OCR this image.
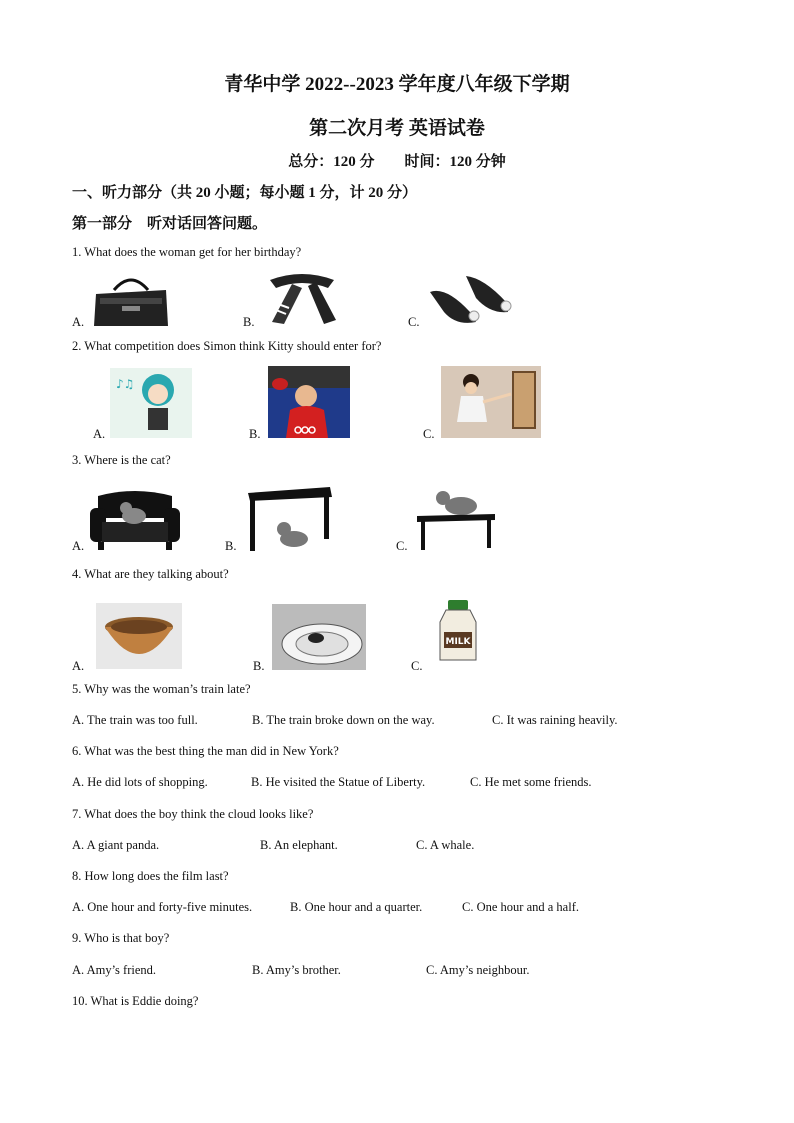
青华中学 2022--2023 学年度八年级下学期
第二次月考 英语试卷
总分：120 分　　时间：120 分钟
一、听力部分（共 20 小题；每小题 1 分，计 20 分）
第一部分　听对话回答问题。
1. What does the woman get for her birthday?
A.	B.	C.
2. What competition does Simon think Kitty should enter for?
A.
♪♫
B.	C.
3. Where is the cat?
A.	B.	C.
4. What are they talking about?
A.	B.	C.
MILK
5. Why was the woman’s train late?
A. The train was too full.	B. The train broke down on the way.	C. It was raining heavily.
6. What was the best thing the man did in New York?
A. He did lots of shopping.	B. He visited the Statue of Liberty.	C. He met some friends.
7. What does the boy think the cloud looks like?
A. A giant panda.	B. An elephant.	C. A whale.
8. How long does the film last?
A. One hour and forty-five minutes.	B. One hour and a quarter.	C. One hour and a half.
9. Who is that boy?
A. Amy’s friend.	B. Amy’s brother.	C. Amy’s neighbour.
10. What is Eddie doing?
